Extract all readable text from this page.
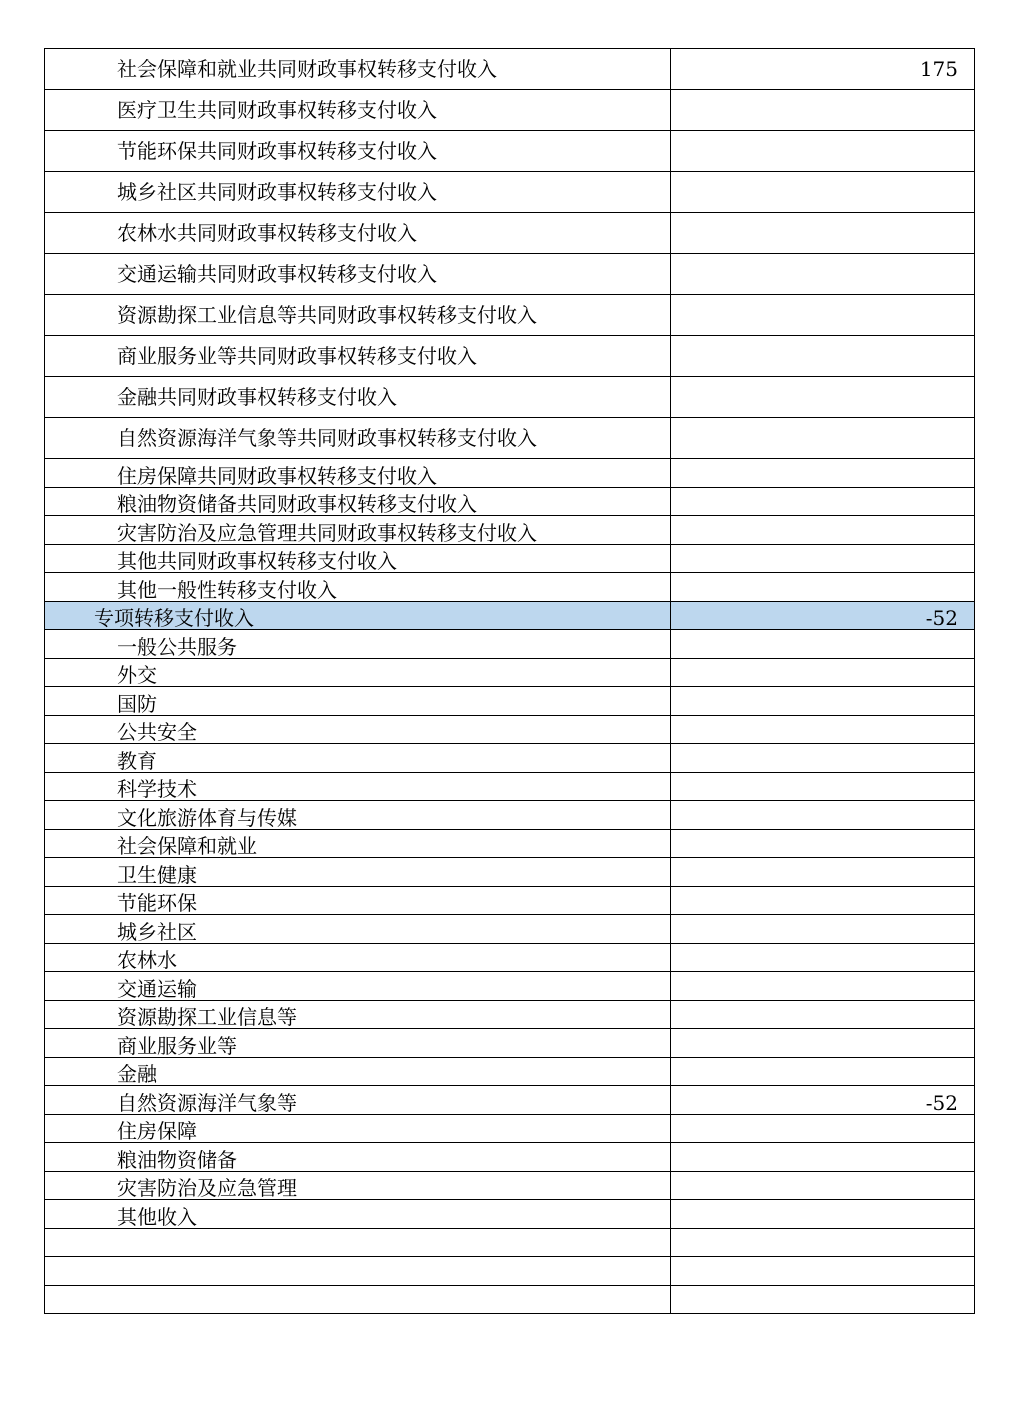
社会保障和就业共同财政事权转移支付收入	175
医疗卫生共同财政事权转移支付收入	
节能环保共同财政事权转移支付收入	
城乡社区共同财政事权转移支付收入	
农林水共同财政事权转移支付收入	
交通运输共同财政事权转移支付收入	
资源勘探工业信息等共同财政事权转移支付收入	
商业服务业等共同财政事权转移支付收入	
金融共同财政事权转移支付收入	
自然资源海洋气象等共同财政事权转移支付收入	
住房保障共同财政事权转移支付收入	
粮油物资储备共同财政事权转移支付收入	
灾害防治及应急管理共同财政事权转移支付收入	
其他共同财政事权转移支付收入	
其他一般性转移支付收入	
专项转移支付收入	-52
一般公共服务	
外交	
国防	
公共安全	
教育	
科学技术	
文化旅游体育与传媒	
社会保障和就业	
卫生健康	
节能环保	
城乡社区	
农林水	
交通运输	
资源勘探工业信息等	
商业服务业等	
金融	
自然资源海洋气象等	-52
住房保障	
粮油物资储备	
灾害防治及应急管理	
其他收入	
